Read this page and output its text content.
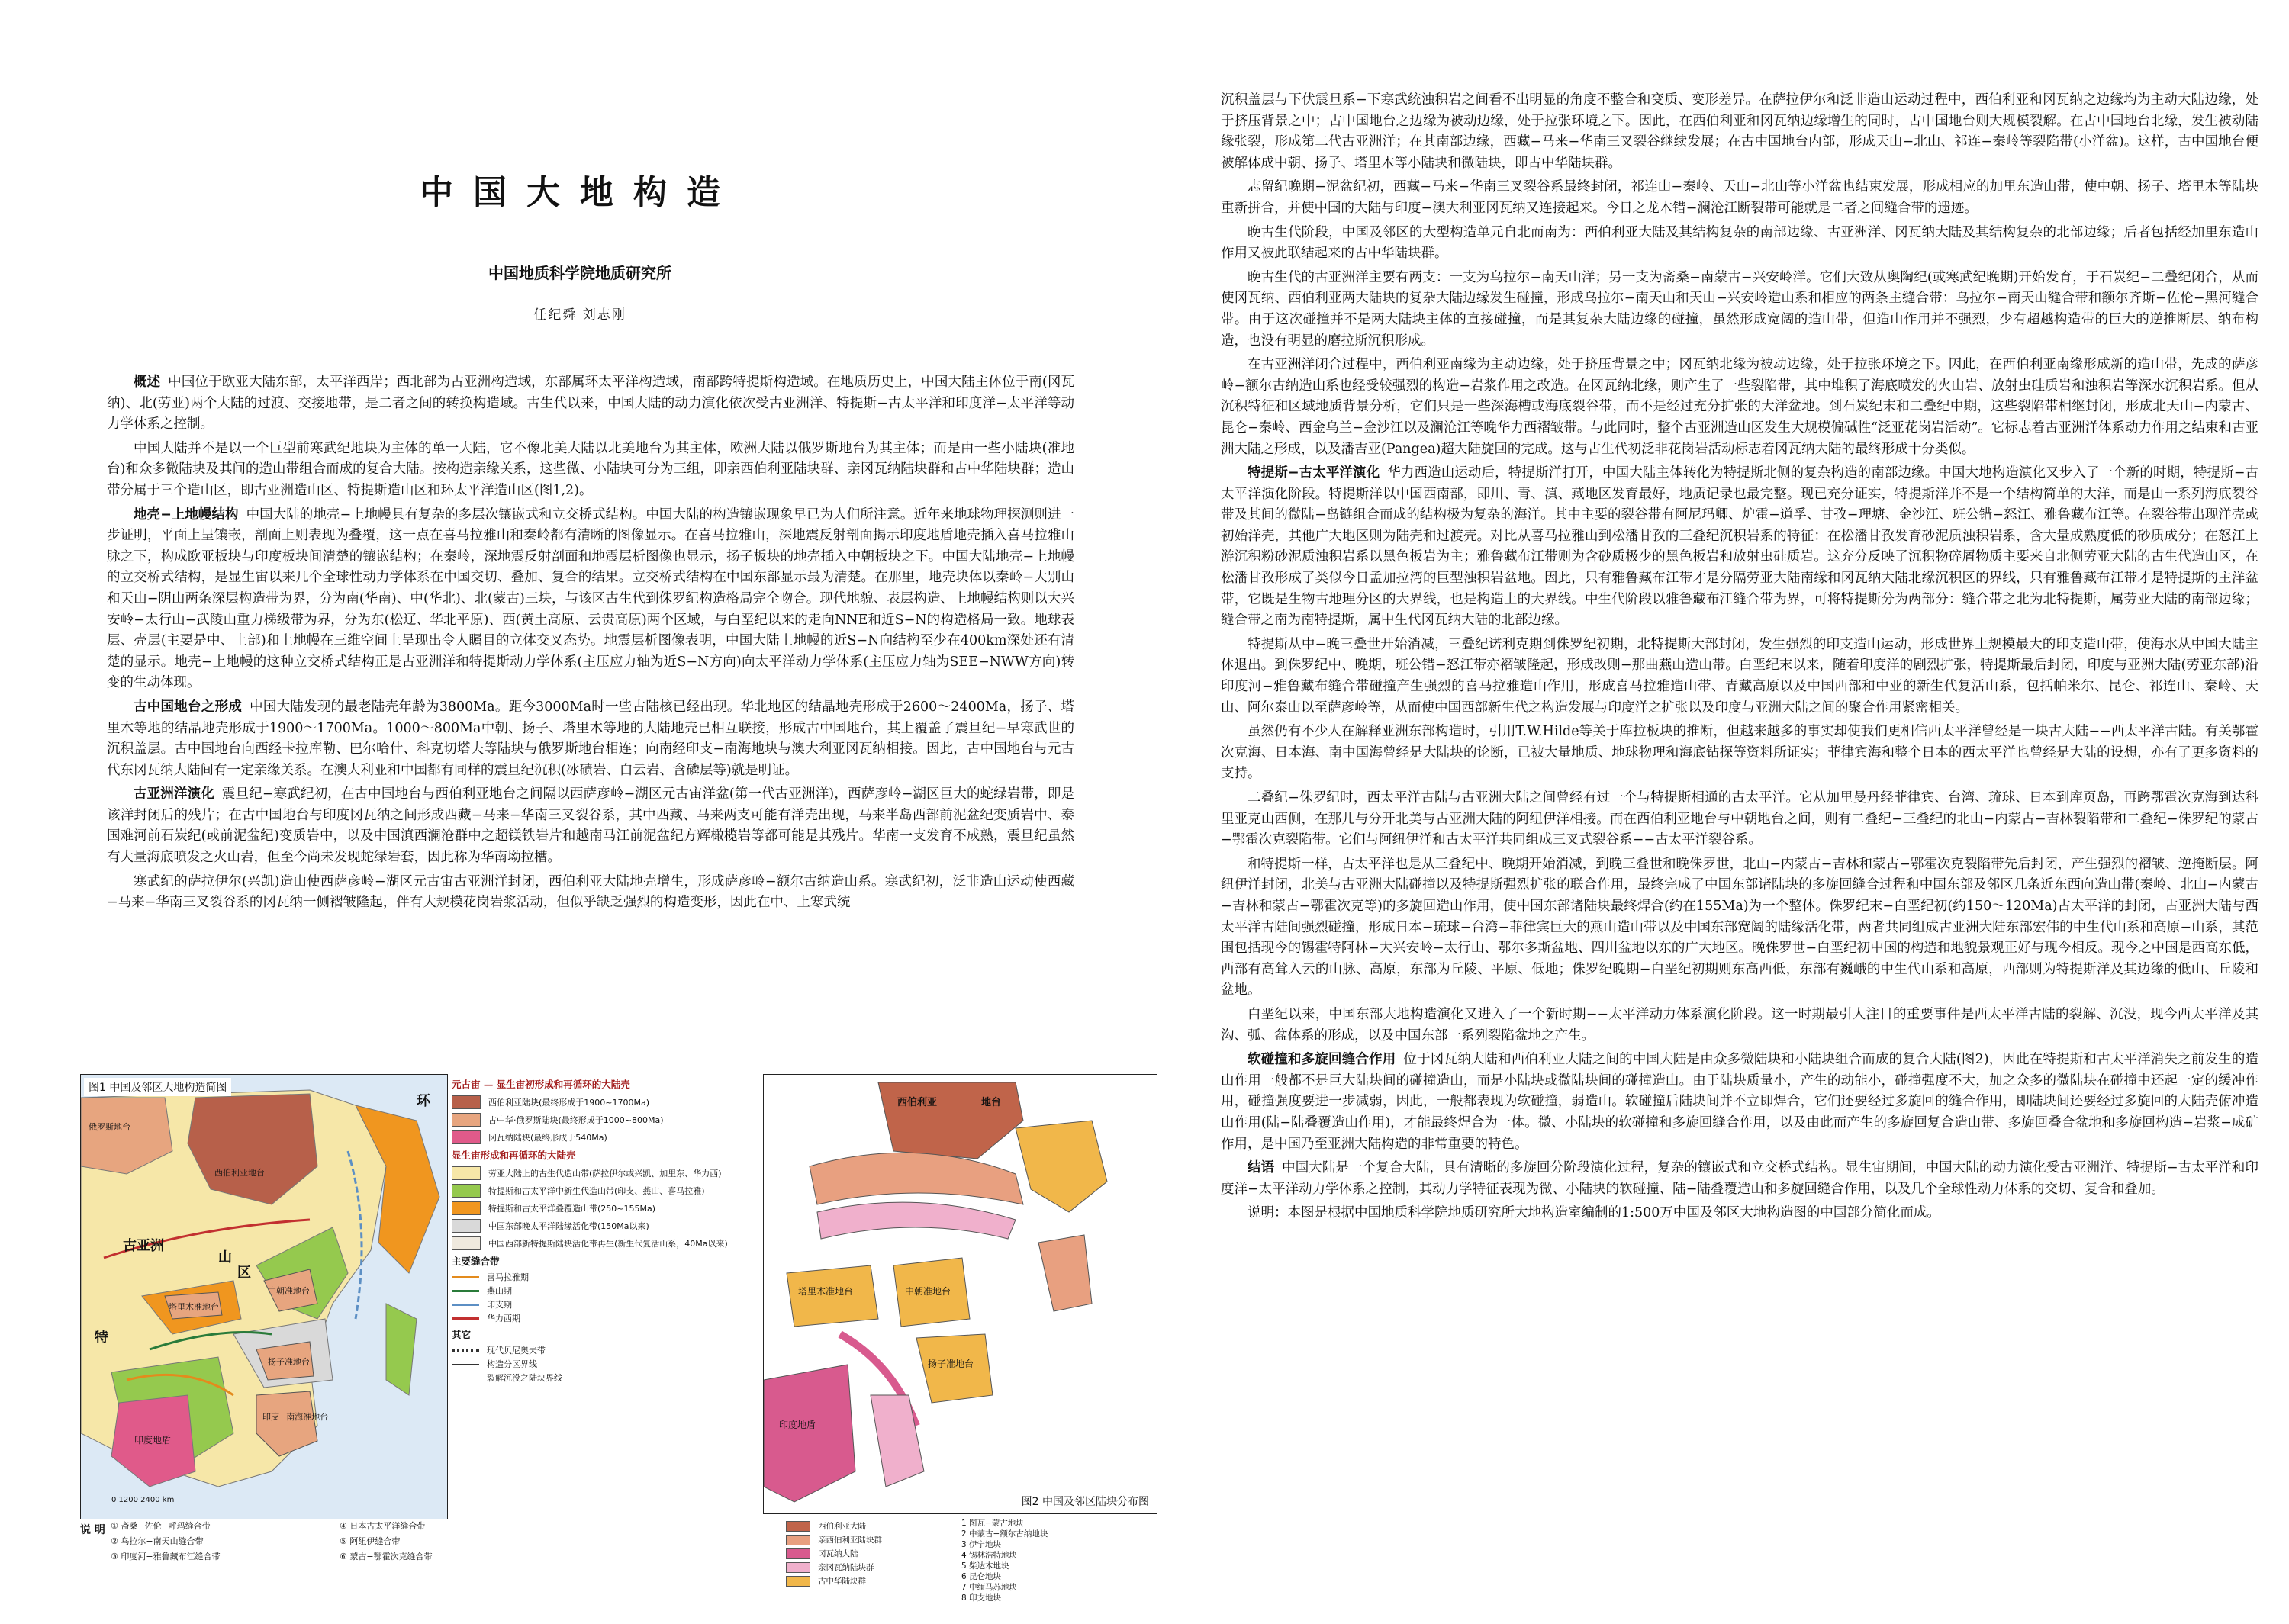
中国大地构造
中国地质科学院地质研究所
任纪舜 刘志刚

概述 中国位于欧亚大陆东部，太平洋西岸；西北部为古亚洲构造域，东部属环太平洋构造域，南部跨特提斯构造域。在地质历史上，中国大陆主体位于南(冈瓦纳)、北(劳亚)两个大陆的过渡、交接地带，是二者之间的转换构造域。古生代以来，中国大陆的动力演化依次受古亚洲洋、特提斯−古太平洋和印度洋−太平洋等动力学体系之控制。

中国大陆并不是以一个巨型前寒武纪地块为主体的单一大陆，它不像北美大陆以北美地台为其主体，欧洲大陆以俄罗斯地台为其主体；而是由一些小陆块(准地台)和众多微陆块及其间的造山带组合而成的复合大陆。按构造亲缘关系，这些微、小陆块可分为三组，即亲西伯利亚陆块群、亲冈瓦纳陆块群和古中华陆块群；造山带分属于三个造山区，即古亚洲造山区、特提斯造山区和环太平洋造山区(图1,2)。

地壳−上地幔结构 中国大陆的地壳−上地幔具有复杂的多层次镶嵌式和立交桥式结构。中国大陆的构造镶嵌现象早已为人们所注意。近年来地球物理探测则进一步证明，平面上呈镶嵌，剖面上则表现为叠覆，这一点在喜马拉雅山和秦岭都有清晰的图像显示。在喜马拉雅山，深地震反射剖面揭示印度地盾地壳插入喜马拉雅山脉之下，构成欧亚板块与印度板块间清楚的镶嵌结构；在秦岭，深地震反射剖面和地震层析图像也显示，扬子板块的地壳插入中朝板块之下。中国大陆地壳−上地幔的立交桥式结构，是显生宙以来几个全球性动力学体系在中国交切、叠加、复合的结果。立交桥式结构在中国东部显示最为清楚。在那里，地壳块体以秦岭−大别山和天山−阴山两条深层构造带为界，分为南(华南)、中(华北)、北(蒙古)三块，与该区古生代到侏罗纪构造格局完全吻合。现代地貌、表层构造、上地幔结构则以大兴安岭−太行山−武陵山重力梯级带为界，分为东(松辽、华北平原)、西(黄土高原、云贵高原)两个区域，与白垩纪以来的走向NNE和近S−N的构造格局一致。地球表层、壳层(主要是中、上部)和上地幔在三维空间上呈现出令人瞩目的立体交叉态势。地震层析图像表明，中国大陆上地幔的近S−N向结构至少在400km深处还有清楚的显示。地壳−上地幔的这种立交桥式结构正是古亚洲洋和特提斯动力学体系(主压应力轴为近S−N方向)向太平洋动力学体系(主压应力轴为SEE−NWW方向)转变的生动体现。

古中国地台之形成 中国大陆发现的最老陆壳年龄为3800Ma。距今3000Ma时一些古陆核已经出现。华北地区的结晶地壳形成于2600～2400Ma，扬子、塔里木等地的结晶地壳形成于1900～1700Ma。1000～800Ma中朝、扬子、塔里木等地的大陆地壳已相互联接，形成古中国地台，其上覆盖了震旦纪−早寒武世的沉积盖层。古中国地台向西经卡拉库勒、巴尔哈什、科克切塔夫等陆块与俄罗斯地台相连；向南经印支−南海地块与澳大利亚冈瓦纳相接。因此，古中国地台与元古代东冈瓦纳大陆间有一定亲缘关系。在澳大利亚和中国都有同样的震旦纪沉积(冰碛岩、白云岩、含磷层等)就是明证。

古亚洲洋演化 震旦纪−寒武纪初，在古中国地台与西伯利亚地台之间隔以西萨彦岭−湖区元古宙洋盆(第一代古亚洲洋)，西萨彦岭−湖区巨大的蛇绿岩带，即是该洋封闭后的残片；在古中国地台与印度冈瓦纳之间形成西藏−马来−华南三叉裂谷系，其中西藏、马来两支可能有洋壳出现，马来半岛西部前泥盆纪变质岩中、泰国难河前石炭纪(或前泥盆纪)变质岩中，以及中国滇西澜沧群中之超镁铁岩片和越南马江前泥盆纪方辉橄榄岩等都可能是其残片。华南一支发育不成熟，震旦纪虽然有大量海底喷发之火山岩，但至今尚未发现蛇绿岩套，因此称为华南坳拉槽。

寒武纪的萨拉伊尔(兴凯)造山使西萨彦岭−湖区元古宙古亚洲洋封闭，西伯利亚大陆地壳增生，形成萨彦岭−额尔古纳造山系。寒武纪初，泛非造山运动使西藏−马来−华南三叉裂谷系的冈瓦纳一侧褶皱隆起，伴有大规模花岗岩浆活动，但似乎缺乏强烈的构造变形，因此在中、上寒武统

图1 中国及邻区大地构造简图
西伯利亚地台
俄罗斯地台
古亚洲
塔里木准地台
中朝准地台
扬子准地台
印度地盾
印支−南海准地台
特
环
山
区
0 1200 2400 km
元古宙 — 显生宙初形成和再循环的大陆壳
西伯利亚陆块(最终形成于1900~1700Ma)
古中华·俄罗斯陆块(最终形成于1000~800Ma)
冈瓦纳陆块(最终形成于540Ma)
显生宙形成和再循环的大陆壳
劳亚大陆上的古生代造山带(萨拉伊尔或兴凯、加里东、华力西)
特提斯和古太平洋中新生代造山带(印支、燕山、喜马拉雅)
特提斯和古太平洋叠覆造山带(250~155Ma)
中国东部晚太平洋陆缘活化带(150Ma以来)
中国西部新特提斯陆块活化带再生(新生代复活山系，40Ma以来)
主要缝合带
喜马拉雅期
燕山期
印支期
华力西期
其它
现代贝尼奥夫带
构造分区界线
裂解沉没之陆块界线
说 明 ① 斋桑−佐伦−呼玛缝合带	④ 日本古太平洋缝合带
② 乌拉尔−南天山缝合带	⑤ 阿纽伊缝合带
③ 印度河−雅鲁藏布江缝合带	⑥ 蒙古−鄂霍次克缝合带
西伯利亚	地台
塔里木准地台	中朝准地台
扬子准地台
印度地盾
图2 中国及邻区陆块分布图
西伯利亚大陆
亲西伯利亚陆块群
冈瓦纳大陆
亲冈瓦纳陆块群
古中华陆块群
1 图瓦−蒙古地块
2 中蒙古−额尔古纳地块
3 伊宁地块
4 锡林浩特地块
5 柴达木地块
6 昆仑地块
7 中缅马苏地块
8 印支地块

沉积盖层与下伏震旦系−下寒武统浊积岩之间看不出明显的角度不整合和变质、变形差异。在萨拉伊尔和泛非造山运动过程中，西伯利亚和冈瓦纳之边缘均为主动大陆边缘，处于挤压背景之中；古中国地台之边缘为被动边缘，处于拉张环境之下。因此，在西伯利亚和冈瓦纳边缘增生的同时，古中国地台则大规模裂解。在古中国地台北缘，发生被动陆缘张裂，形成第二代古亚洲洋；在其南部边缘，西藏−马来−华南三叉裂谷继续发展；在古中国地台内部，形成天山−北山、祁连−秦岭等裂陷带(小洋盆)。这样，古中国地台便被解体成中朝、扬子、塔里木等小陆块和微陆块，即古中华陆块群。

志留纪晚期−泥盆纪初，西藏−马来−华南三叉裂谷系最终封闭，祁连山−秦岭、天山−北山等小洋盆也结束发展，形成相应的加里东造山带，使中朝、扬子、塔里木等陆块重新拼合，并使中国的大陆与印度−澳大利亚冈瓦纳又连接起来。今日之龙木错−澜沧江断裂带可能就是二者之间缝合带的遗迹。

晚古生代阶段，中国及邻区的大型构造单元自北而南为：西伯利亚大陆及其结构复杂的南部边缘、古亚洲洋、冈瓦纳大陆及其结构复杂的北部边缘；后者包括经加里东造山作用又被此联结起来的古中华陆块群。

晚古生代的古亚洲洋主要有两支：一支为乌拉尔−南天山洋；另一支为斋桑−南蒙古−兴安岭洋。它们大致从奥陶纪(或寒武纪晚期)开始发育，于石炭纪−二叠纪闭合，从而使冈瓦纳、西伯利亚两大陆块的复杂大陆边缘发生碰撞，形成乌拉尔−南天山和天山−兴安岭造山系和相应的两条主缝合带：乌拉尔−南天山缝合带和额尔齐斯−佐伦−黑河缝合带。由于这次碰撞并不是两大陆块主体的直接碰撞，而是其复杂大陆边缘的碰撞，虽然形成宽阔的造山带，但造山作用并不强烈，少有超越构造带的巨大的逆推断层、纳布构造，也没有明显的磨拉斯沉积形成。

在古亚洲洋闭合过程中，西伯利亚南缘为主动边缘，处于挤压背景之中；冈瓦纳北缘为被动边缘，处于拉张环境之下。因此，在西伯利亚南缘形成新的造山带，先成的萨彦岭−额尔古纳造山系也经受较强烈的构造−岩浆作用之改造。在冈瓦纳北缘，则产生了一些裂陷带，其中堆积了海底喷发的火山岩、放射虫硅质岩和浊积岩等深水沉积岩系。但从沉积特征和区域地质背景分析，它们只是一些深海槽或海底裂谷带，而不是经过充分扩张的大洋盆地。到石炭纪末和二叠纪中期，这些裂陷带相继封闭，形成北天山−内蒙古、昆仑−秦岭、西金乌兰−金沙江以及澜沧江等晚华力西褶皱带。与此同时，整个古亚洲造山区发生大规模偏碱性“泛亚花岗岩活动”。它标志着古亚洲洋体系动力作用之结束和古亚洲大陆之形成，以及潘吉亚(Pangea)超大陆旋回的完成。这与古生代初泛非花岗岩活动标志着冈瓦纳大陆的最终形成十分类似。

特提斯−古太平洋演化 华力西造山运动后，特提斯洋打开，中国大陆主体转化为特提斯北侧的复杂构造的南部边缘。中国大地构造演化又步入了一个新的时期，特提斯−古太平洋演化阶段。特提斯洋以中国西南部，即川、青、滇、藏地区发育最好，地质记录也最完整。现已充分证实，特提斯洋并不是一个结构简单的大洋，而是由一系列海底裂谷带及其间的微陆−岛链组合而成的结构极为复杂的海洋。其中主要的裂谷带有阿尼玛卿、炉霍−道孚、甘孜−理塘、金沙江、班公错−怒江、雅鲁藏布江等。在裂谷带出现洋壳或初始洋壳，其他广大地区则为陆壳和过渡壳。对比从喜马拉雅山到松潘甘孜的三叠纪沉积岩系的特征：在松潘甘孜发育砂泥质浊积岩系，含大量成熟度低的砂质成分；在怒江上游沉积粉砂泥质浊积岩系以黑色板岩为主；雅鲁藏布江带则为含砂质极少的黑色板岩和放射虫硅质岩。这充分反映了沉积物碎屑物质主要来自北侧劳亚大陆的古生代造山区，在松潘甘孜形成了类似今日孟加拉湾的巨型浊积岩盆地。因此，只有雅鲁藏布江带才是分隔劳亚大陆南缘和冈瓦纳大陆北缘沉积区的界线，只有雅鲁藏布江带才是特提斯的主洋盆带，它既是生物古地理分区的大界线，也是构造上的大界线。中生代阶段以雅鲁藏布江缝合带为界，可将特提斯分为两部分：缝合带之北为北特提斯，属劳亚大陆的南部边缘；缝合带之南为南特提斯，属中生代冈瓦纳大陆的北部边缘。

特提斯从中−晚三叠世开始消减，三叠纪诺利克期到侏罗纪初期，北特提斯大部封闭，发生强烈的印支造山运动，形成世界上规模最大的印支造山带，使海水从中国大陆主体退出。到侏罗纪中、晚期，班公错−怒江带亦褶皱隆起，形成改则−那曲燕山造山带。白垩纪末以来，随着印度洋的剧烈扩张，特提斯最后封闭，印度与亚洲大陆(劳亚东部)沿印度河−雅鲁藏布缝合带碰撞产生强烈的喜马拉雅造山作用，形成喜马拉雅造山带、青藏高原以及中国西部和中亚的新生代复活山系，包括帕米尔、昆仑、祁连山、秦岭、天山、阿尔泰山以至萨彦岭等，从而使中国西部新生代之构造发展与印度洋之扩张以及印度与亚洲大陆之间的聚合作用紧密相关。

虽然仍有不少人在解释亚洲东部构造时，引用T.W.Hilde等关于库拉板块的推断，但越来越多的事实却使我们更相信西太平洋曾经是一块古大陆−−西太平洋古陆。有关鄂霍次克海、日本海、南中国海曾经是大陆块的论断，已被大量地质、地球物理和海底钻探等资料所证实；菲律宾海和整个日本的西太平洋也曾经是大陆的设想，亦有了更多资料的支持。

二叠纪−侏罗纪时，西太平洋古陆与古亚洲大陆之间曾经有过一个与特提斯相通的古太平洋。它从加里曼丹经菲律宾、台湾、琉球、日本到库页岛，再跨鄂霍次克海到达科里亚克山西侧，在那儿与分开北美与古亚洲大陆的阿纽伊洋相接。而在西伯利亚地台与中朝地台之间，则有二叠纪−三叠纪的北山−内蒙古−吉林裂陷带和二叠纪−侏罗纪的蒙古−鄂霍次克裂陷带。它们与阿纽伊洋和古太平洋共同组成三叉式裂谷系−−古太平洋裂谷系。

和特提斯一样，古太平洋也是从三叠纪中、晚期开始消减，到晚三叠世和晚侏罗世，北山−内蒙古−吉林和蒙古−鄂霍次克裂陷带先后封闭，产生强烈的褶皱、逆掩断层。阿纽伊洋封闭，北美与古亚洲大陆碰撞以及特提斯强烈扩张的联合作用，最终完成了中国东部诸陆块的多旋回缝合过程和中国东部及邻区几条近东西向造山带(秦岭、北山−内蒙古−吉林和蒙古−鄂霍次克等)的多旋回造山作用，使中国东部诸陆块最终焊合(约在155Ma)为一个整体。侏罗纪末−白垩纪初(约150～120Ma)古太平洋的封闭，古亚洲大陆与西太平洋古陆间强烈碰撞，形成日本−琉球−台湾−菲律宾巨大的燕山造山带以及中国东部宽阔的陆缘活化带，两者共同组成古亚洲大陆东部宏伟的中生代山系和高原−山系，其范围包括现今的锡霍特阿林−大兴安岭−太行山、鄂尔多斯盆地、四川盆地以东的广大地区。晚侏罗世−白垩纪初中国的构造和地貌景观正好与现今相反。现今之中国是西高东低，西部有高耸入云的山脉、高原，东部为丘陵、平原、低地；侏罗纪晚期−白垩纪初期则东高西低，东部有巍峨的中生代山系和高原，西部则为特提斯洋及其边缘的低山、丘陵和盆地。

白垩纪以来，中国东部大地构造演化又进入了一个新时期−−太平洋动力体系演化阶段。这一时期最引人注目的重要事件是西太平洋古陆的裂解、沉没，现今西太平洋及其沟、弧、盆体系的形成，以及中国东部一系列裂陷盆地之产生。

软碰撞和多旋回缝合作用 位于冈瓦纳大陆和西伯利亚大陆之间的中国大陆是由众多微陆块和小陆块组合而成的复合大陆(图2)，因此在特提斯和古太平洋消失之前发生的造山作用一般都不是巨大陆块间的碰撞造山，而是小陆块或微陆块间的碰撞造山。由于陆块质量小，产生的动能小，碰撞强度不大，加之众多的微陆块在碰撞中还起一定的缓冲作用，碰撞强度要进一步减弱，因此，一般都表现为软碰撞，弱造山。软碰撞后陆块间并不立即焊合，它们还要经过多旋回的缝合作用，即陆块间还要经过多旋回的大陆壳俯冲造山作用(陆−陆叠覆造山作用)，才能最终焊合为一体。微、小陆块的软碰撞和多旋回缝合作用，以及由此而产生的多旋回复合造山带、多旋回叠合盆地和多旋回构造−岩浆−成矿作用，是中国乃至亚洲大陆构造的非常重要的特色。

结语 中国大陆是一个复合大陆，具有清晰的多旋回分阶段演化过程，复杂的镶嵌式和立交桥式结构。显生宙期间，中国大陆的动力演化受古亚洲洋、特提斯−古太平洋和印度洋−太平洋动力学体系之控制，其动力学特征表现为微、小陆块的软碰撞、陆−陆叠覆造山和多旋回缝合作用，以及几个全球性动力体系的交切、复合和叠加。

说明：本图是根据中国地质科学院地质研究所大地构造室编制的1:500万中国及邻区大地构造图的中国部分简化而成。
